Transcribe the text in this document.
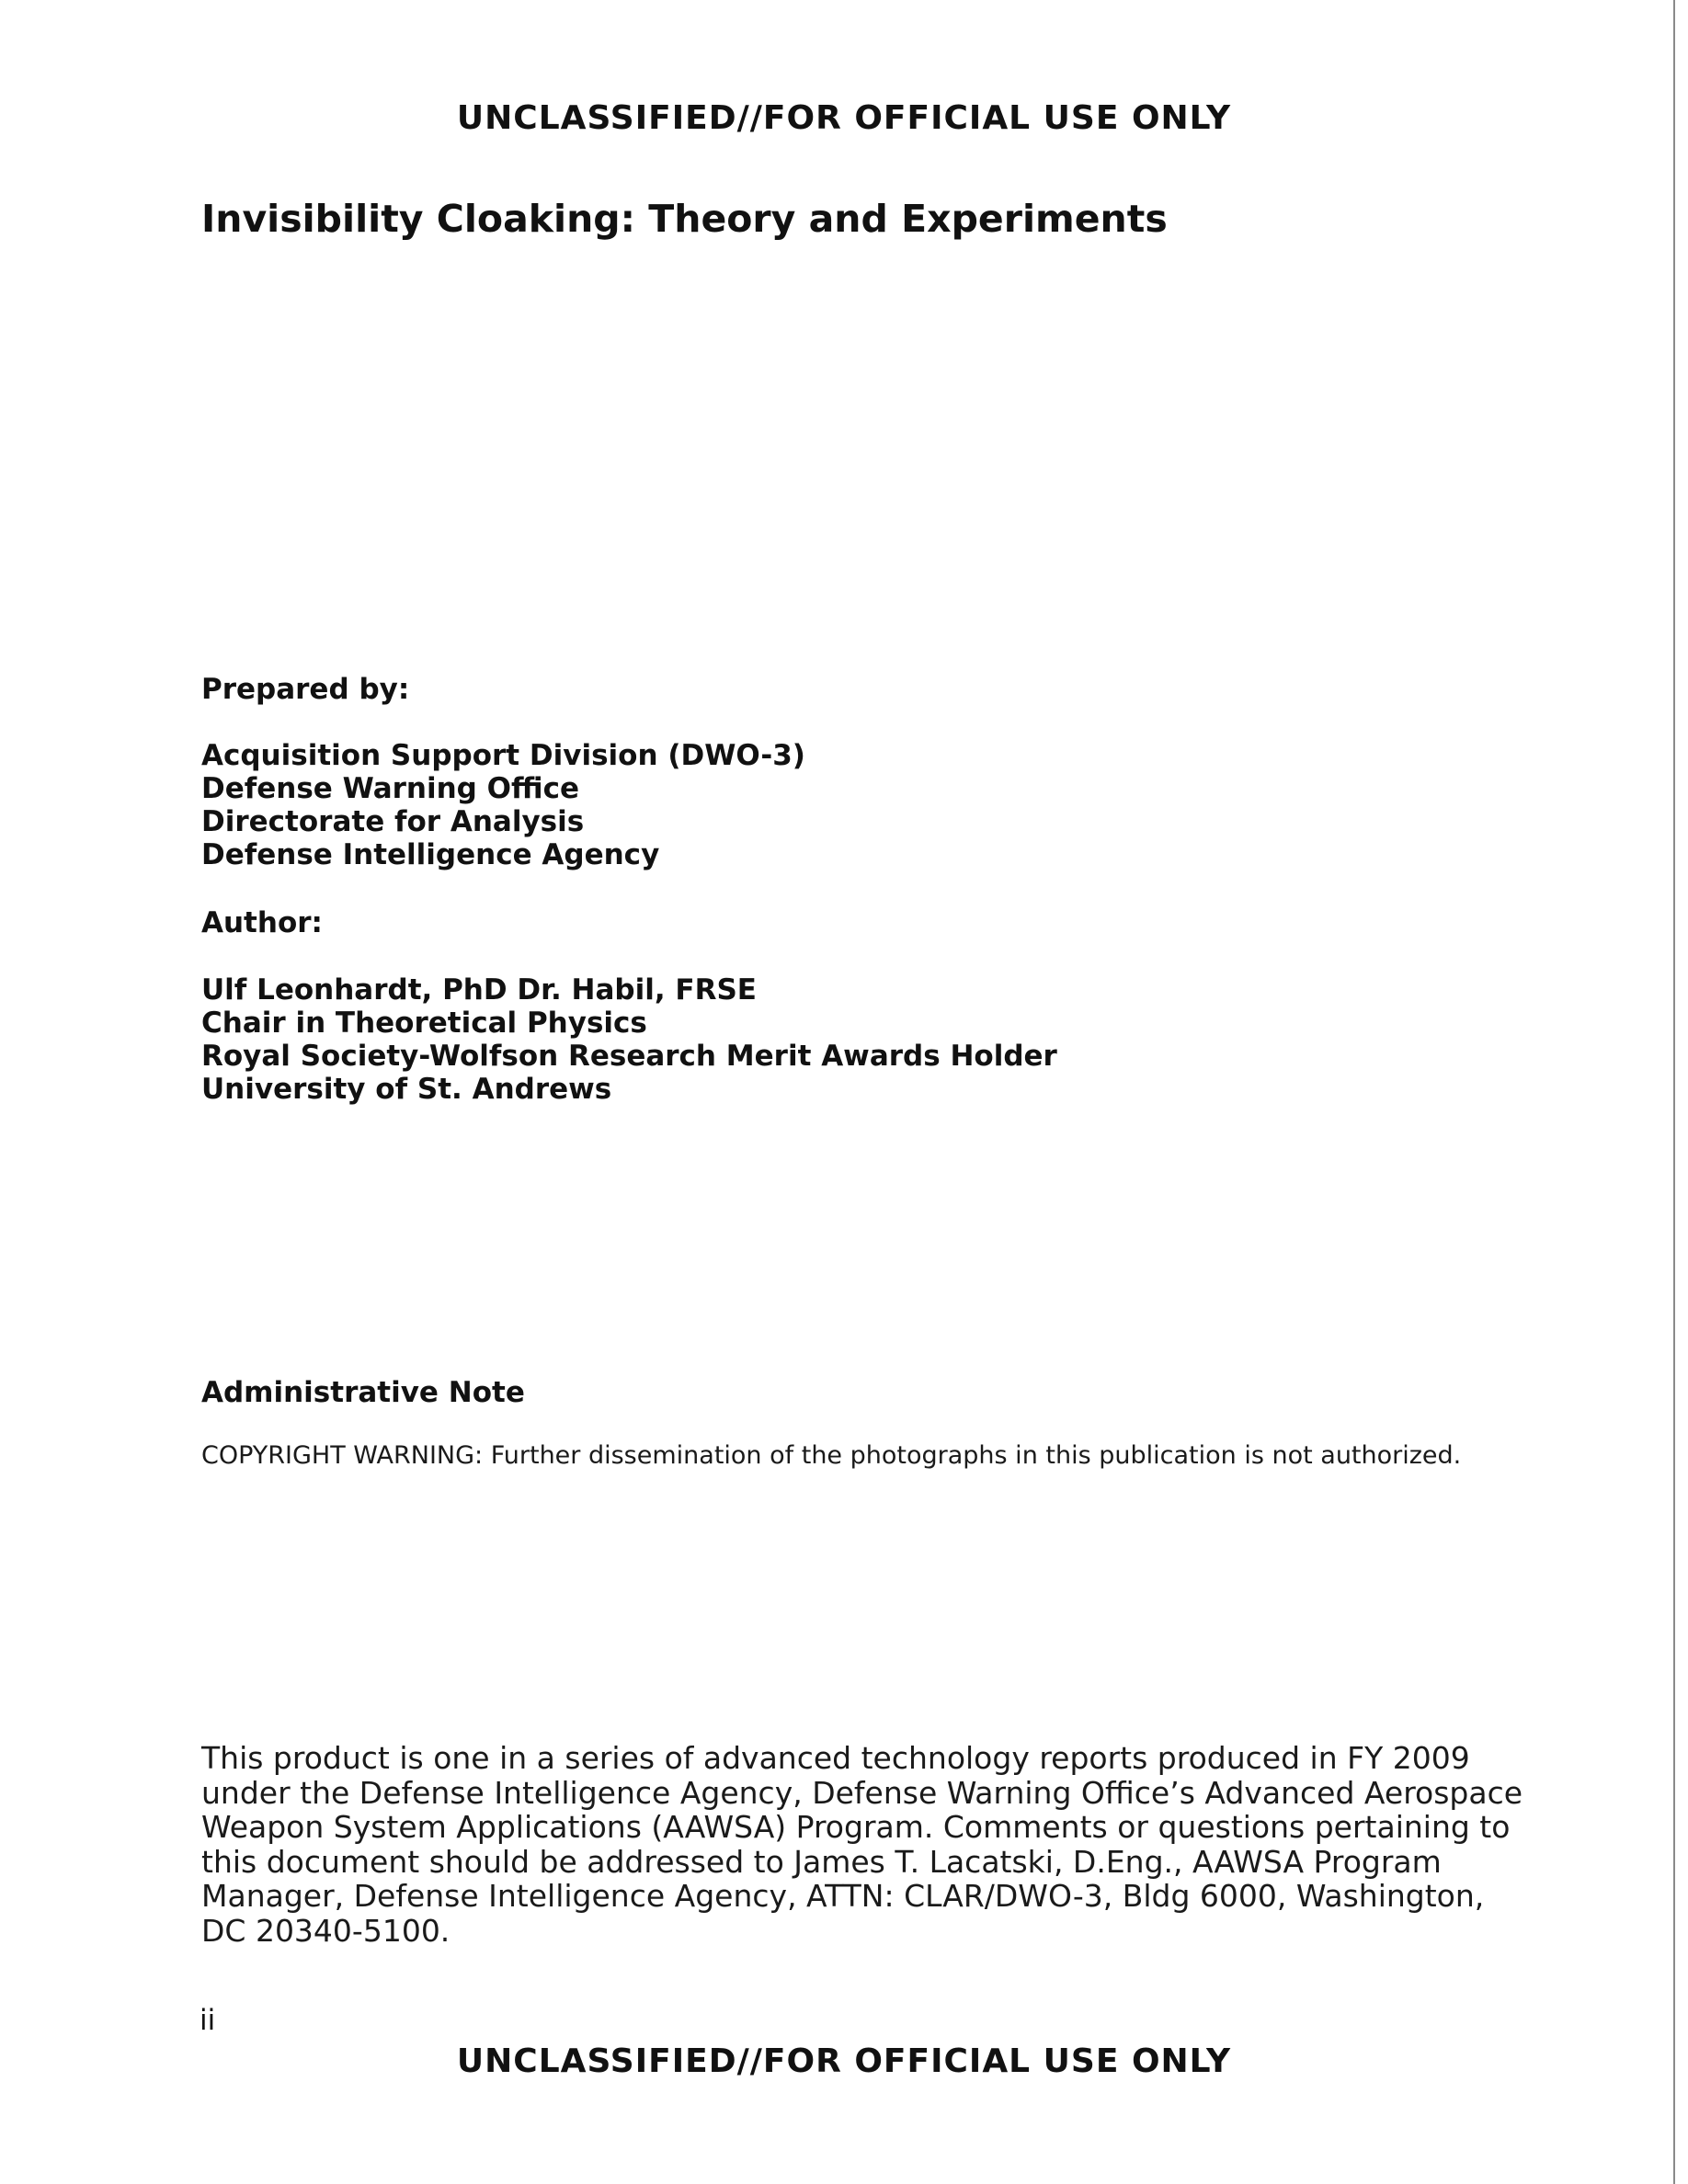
UNCLASSIFIED//FOR OFFICIAL USE ONLY
Invisibility Cloaking: Theory and Experiments
Prepared by:
Acquisition Support Division (DWO-3)
Defense Warning Office
Directorate for Analysis
Defense Intelligence Agency
Author:
Ulf Leonhardt, PhD Dr. Habil, FRSE
Chair in Theoretical Physics
Royal Society-Wolfson Research Merit Awards Holder
University of St. Andrews
Administrative Note

COPYRIGHT WARNING: Further dissemination of the photographs in this publication is not authorized.

This product is one in a series of advanced technology reports produced in FY 2009
under the Defense Intelligence Agency, Defense Warning Office’s Advanced Aerospace
Weapon System Applications (AAWSA) Program. Comments or questions pertaining to
this document should be addressed to James T. Lacatski, D.Eng., AAWSA Program
Manager, Defense Intelligence Agency, ATTN: CLAR/DWO-3, Bldg 6000, Washington,
DC 20340-5100.
ii
UNCLASSIFIED//FOR OFFICIAL USE ONLY
